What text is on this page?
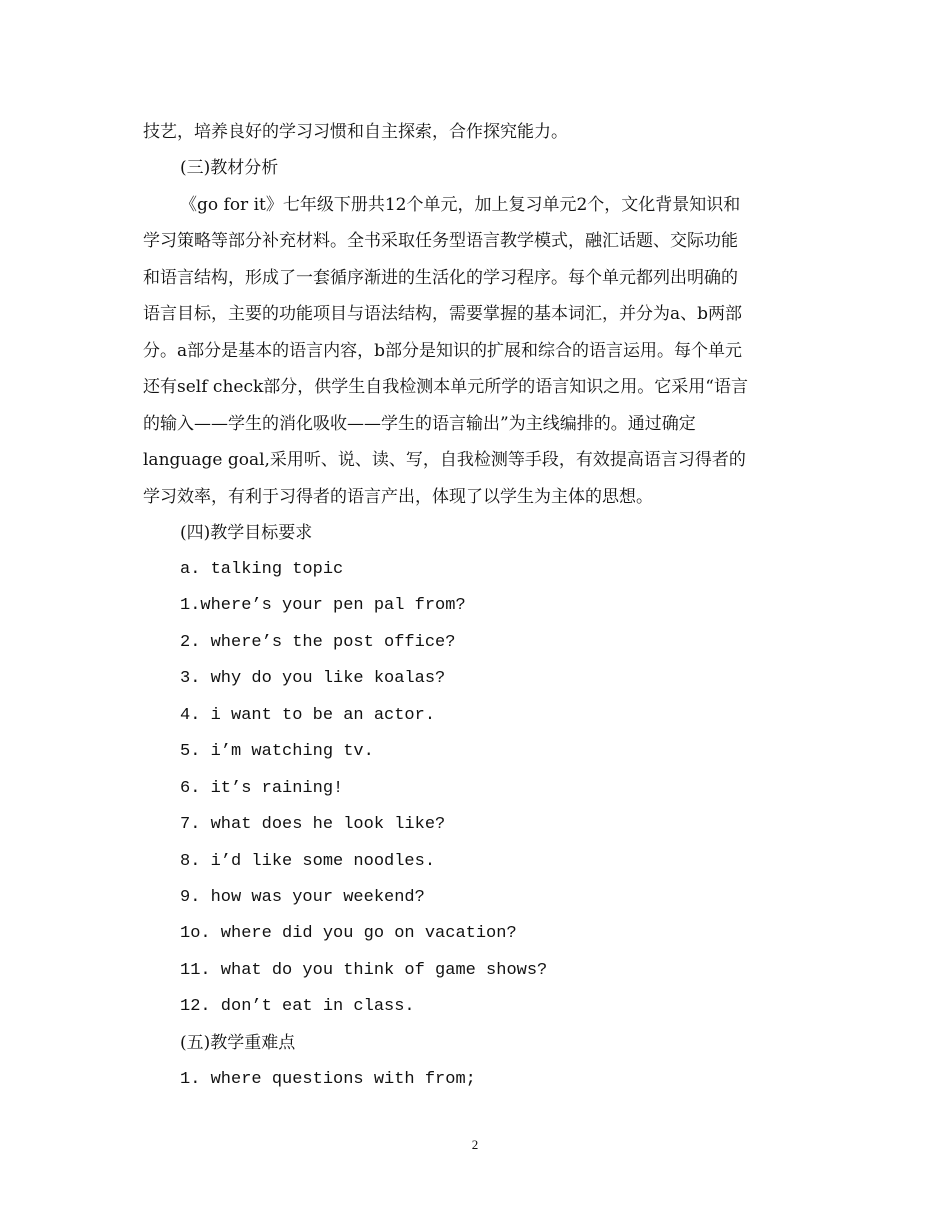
技艺，培养良好的学习习惯和自主探索，合作探究能力。
(三)教材分析
《go for it》七年级下册共12个单元，加上复习单元2个，文化背景知识和
学习策略等部分补充材料。全书采取任务型语言教学模式，融汇话题、交际功能
和语言结构，形成了一套循序渐进的生活化的学习程序。每个单元都列出明确的
语言目标，主要的功能项目与语法结构，需要掌握的基本词汇，并分为a、b两部
分。a部分是基本的语言内容，b部分是知识的扩展和综合的语言运用。每个单元
还有self check部分，供学生自我检测本单元所学的语言知识之用。它采用“语言
的输入——学生的消化吸收——学生的语言输出”为主线编排的。通过确定
language goal,采用听、说、读、写，自我检测等手段，有效提高语言习得者的
学习效率，有利于习得者的语言产出，体现了以学生为主体的思想。
(四)教学目标要求
a. talking topic
1.where’s your pen pal from?
2. where’s the post office?
3. why do you like koalas?
4. i want to be an actor.
5. i’m watching tv.
6. it’s raining!
7. what does he look like?
8. i’d like some noodles.
9. how was your weekend?
1o. where did you go on vacation?
11. what do you think of game shows?
12. don’t eat in class.
(五)教学重难点
1. where questions with from;
2
